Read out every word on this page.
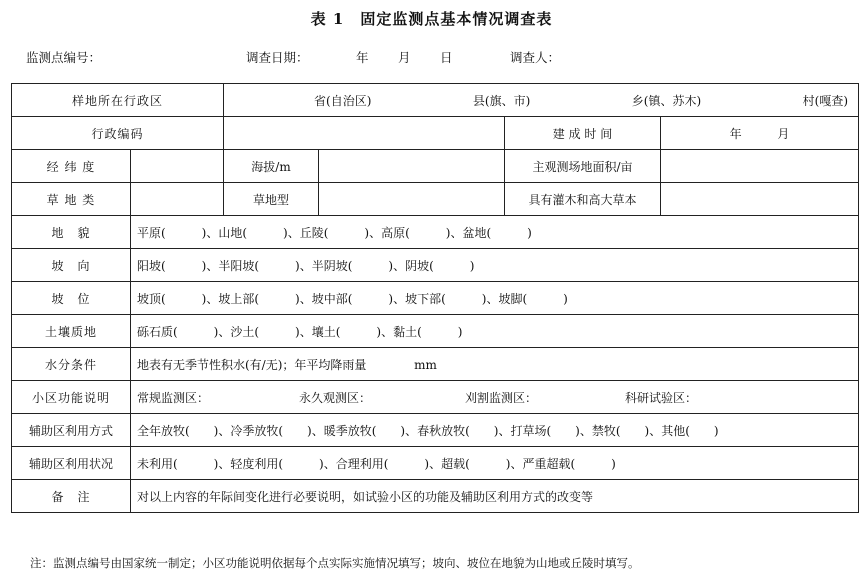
表 1　固定监测点基本情况调查表
监测点编号：	调查日期：	年 月 日	调查人：
样地所在行政区		省(自治区) 县(旗、市) 乡(镇、苏木) 村(嘎查)			

行政编码				建 成 时 间	年 月
经 纬 度		海拔/m		主观测场地面积/亩	
草 地 类		草地型		具有灌木和高大草本	
地　貌	平原(　　　)、山地(　　　)、丘陵(　　　)、高原(　　　)、盆地(　　　)				
坡　向	阳坡(　　　)、半阳坡(　　　)、半阴坡(　　　)、阴坡(　　　)				
坡　位	坡顶(　　　)、坡上部(　　　)、坡中部(　　　)、坡下部(　　　)、坡脚(　　　)				
土壤质地	砾石质(　　　)、沙土(　　　)、壤土(　　　)、黏土(　　　)				
水分条件	地表有无季节性积水(有/无)；年平均降雨量 mm				
小区功能说明	常规监测区： 永久观测区： 刈割监测区： 科研试验区：				
辅助区利用方式	全年放牧(　　)、冷季放牧(　　)、暖季放牧(　　)、春秋放牧(　　)、打草场(　　)、禁牧(　　)、其他(　　)				
辅助区利用状况	未利用(　　　)、轻度利用(　　　)、合理利用(　　　)、超载(　　　)、严重超载(　　　)				
备　注	对以上内容的年际间变化进行必要说明，如试验小区的功能及辅助区利用方式的改变等				
注：监测点编号由国家统一制定；小区功能说明依据每个点实际实施情况填写；坡向、坡位在地貌为山地或丘陵时填写。
